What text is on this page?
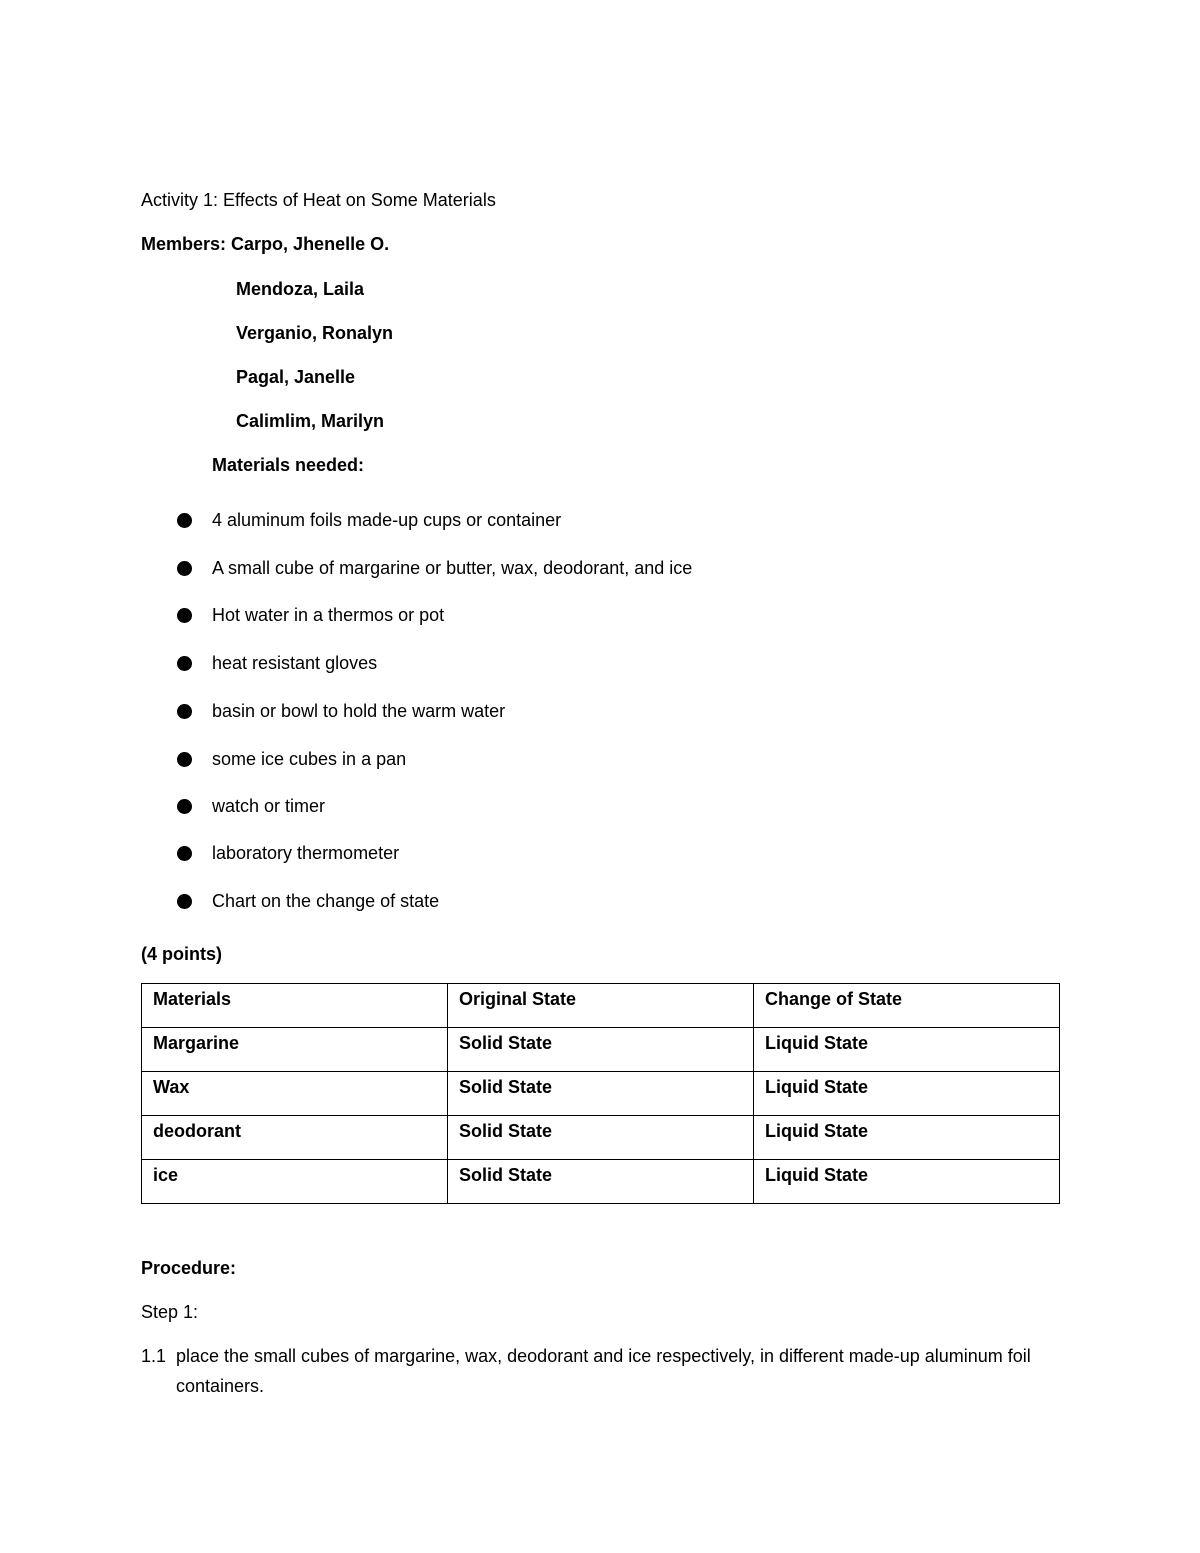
Activity 1: Effects of Heat on Some Materials
Members: Carpo, Jhenelle O.
Mendoza, Laila
Verganio, Ronalyn
Pagal, Janelle
Calimlim, Marilyn
Materials needed:
4 aluminum foils made-up cups or container
A small cube of margarine or butter, wax, deodorant, and ice
Hot water in a thermos or pot
heat resistant gloves
basin or bowl to hold the warm water
some ice cubes in a pan
watch or timer
laboratory thermometer
Chart on the change of state
(4 points)
Materials	Original State	Change of State
Margarine	Solid State	Liquid State
Wax	Solid State	Liquid State
deodorant	Solid State	Liquid State
ice	Solid State	Liquid State
Procedure:
Step 1:
1.1 place the small cubes of margarine, wax, deodorant and ice respectively, in different made-up aluminum foil containers.
